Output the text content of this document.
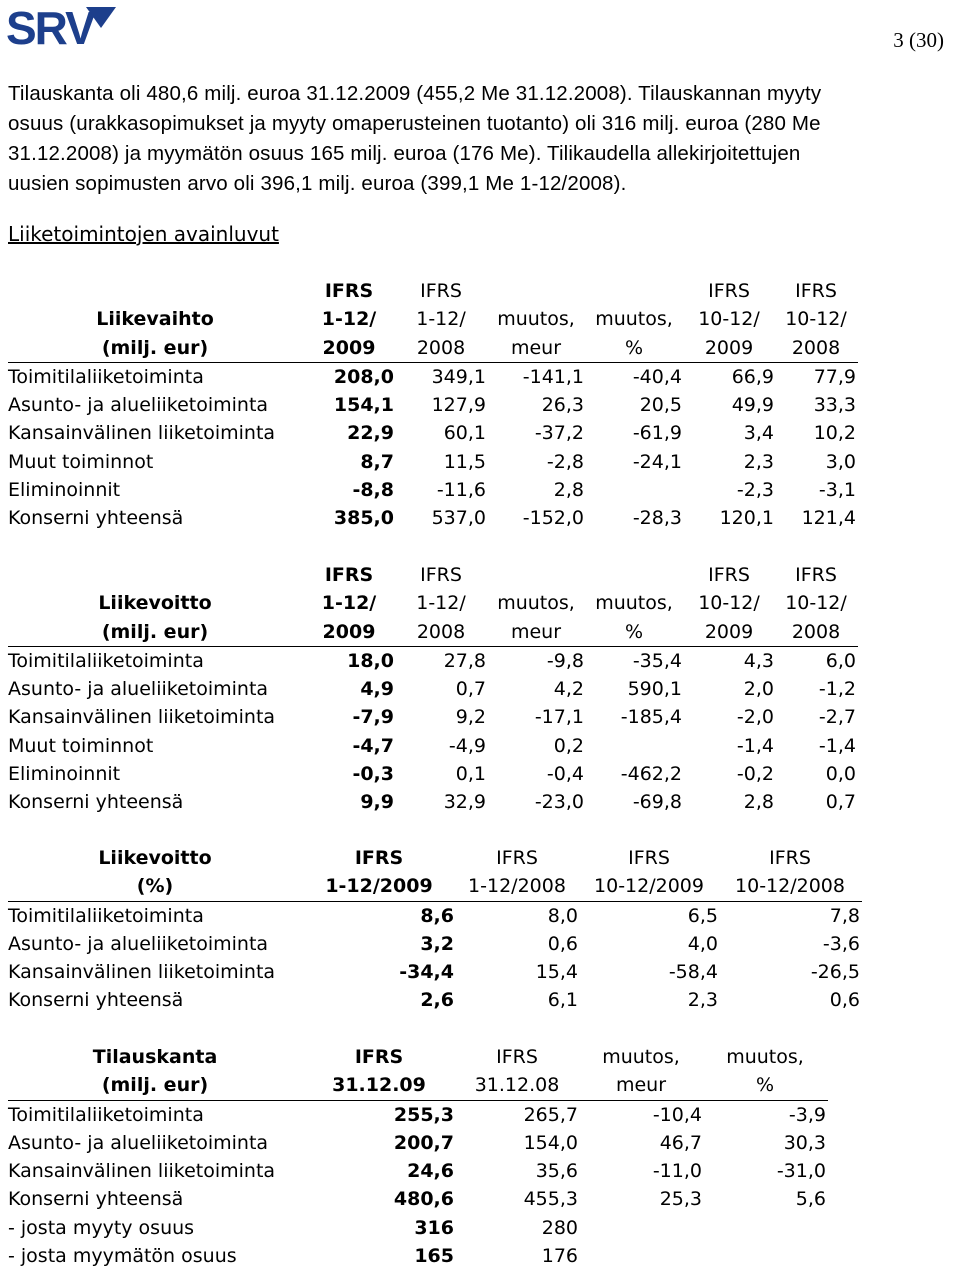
SRV	3 (30)
Tilauskanta oli 480,6 milj. euroa 31.12.2009 (455,2 Me 31.12.2008). Tilauskannan myyty
osuus (urakkasopimukset ja myyty omaperusteinen tuotanto) oli 316 milj. euroa (280 Me
31.12.2008) ja myymätön osuus 165 milj. euroa (176 Me). Tilikaudella allekirjoitettujen
uusien sopimusten arvo oli 396,1 milj. euroa (399,1 Me 1-12/2008).
Liiketoimintojen avainluvut
	IFRS	IFRS			IFRS	IFRS
Liikevaihto	1-12/	1-12/	muutos,	muutos,	10-12/	10-12/
(milj. eur)	2009	2008	meur	%	2009	2008
Toimitilaliiketoiminta	208,0	349,1	-141,1	-40,4	66,9	77,9
Asunto- ja alueliiketoiminta	154,1	127,9	26,3	20,5	49,9	33,3
Kansainvälinen liiketoiminta	22,9	60,1	-37,2	-61,9	3,4	10,2
Muut toiminnot	8,7	11,5	-2,8	-24,1	2,3	3,0
Eliminoinnit	-8,8	-11,6	2,8		-2,3	-3,1
Konserni yhteensä	385,0	537,0	-152,0	-28,3	120,1	121,4
	IFRS	IFRS			IFRS	IFRS
Liikevoitto	1-12/	1-12/	muutos,	muutos,	10-12/	10-12/
(milj. eur)	2009	2008	meur	%	2009	2008
Toimitilaliiketoiminta	18,0	27,8	-9,8	-35,4	4,3	6,0
Asunto- ja alueliiketoiminta	4,9	0,7	4,2	590,1	2,0	-1,2
Kansainvälinen liiketoiminta	-7,9	9,2	-17,1	-185,4	-2,0	-2,7
Muut toiminnot	-4,7	-4,9	0,2		-1,4	-1,4
Eliminoinnit	-0,3	0,1	-0,4	-462,2	-0,2	0,0
Konserni yhteensä	9,9	32,9	-23,0	-69,8	2,8	0,7
Liikevoitto	IFRS	IFRS	IFRS	IFRS
(%)	1-12/2009	1-12/2008	10-12/2009	10-12/2008
Toimitilaliiketoiminta	8,6	8,0	6,5	7,8
Asunto- ja alueliiketoiminta	3,2	0,6	4,0	-3,6
Kansainvälinen liiketoiminta	-34,4	15,4	-58,4	-26,5
Konserni yhteensä	2,6	6,1	2,3	0,6
Tilauskanta	IFRS	IFRS	muutos,	muutos,
(milj. eur)	31.12.09	31.12.08	meur	%
Toimitilaliiketoiminta	255,3	265,7	-10,4	-3,9
Asunto- ja alueliiketoiminta	200,7	154,0	46,7	30,3
Kansainvälinen liiketoiminta	24,6	35,6	-11,0	-31,0
Konserni yhteensä	480,6	455,3	25,3	5,6
- josta myyty osuus	316	280		
- josta myymätön osuus	165	176		
